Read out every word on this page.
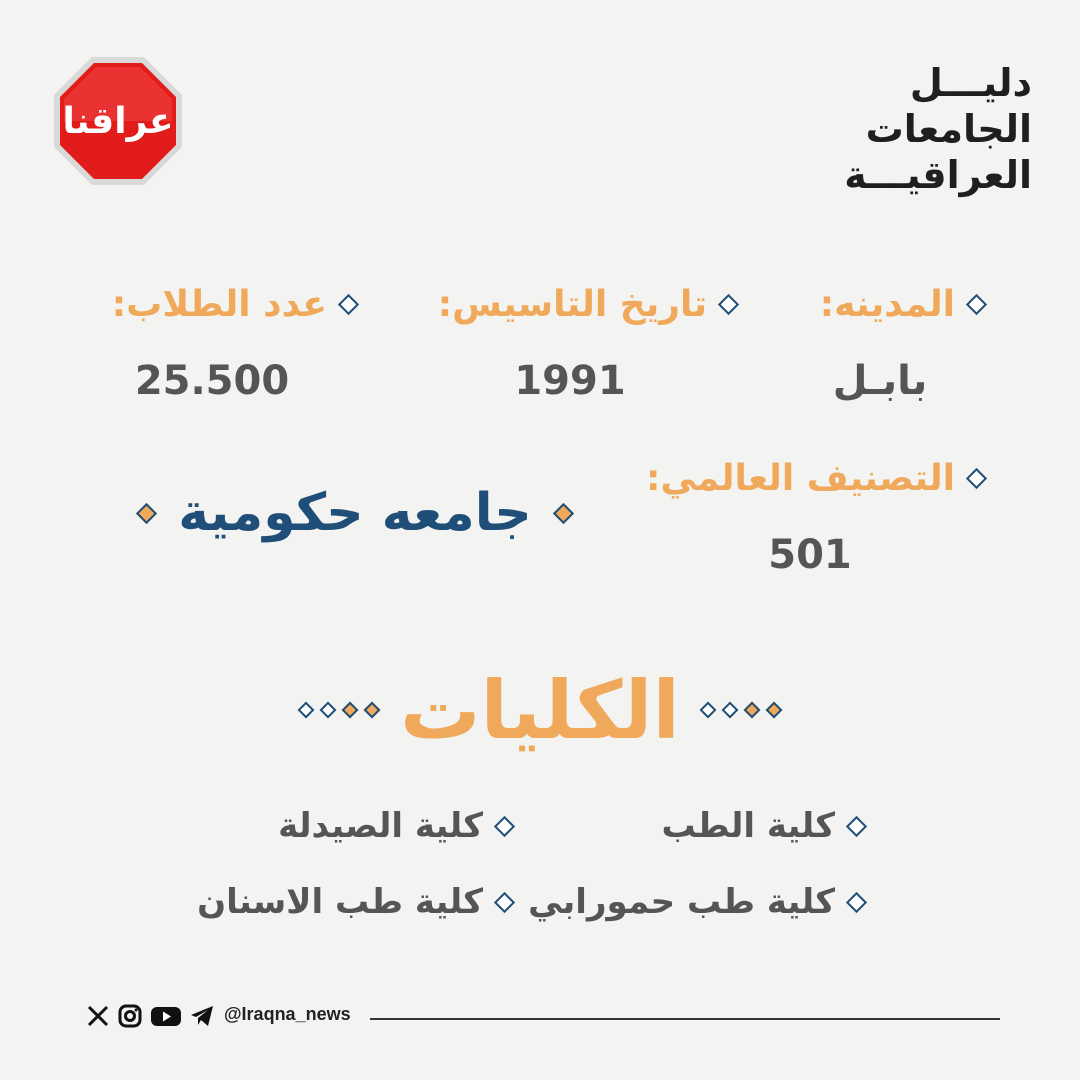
عراقنا
دليـــل
الجامعات
العراقيـــة
المدينه:
بابـل
تاريخ التاسيس:
1991
عدد الطلاب:
25.500
التصنيف العالمي:
501
جامعه حكومية
الكليات
كلية الطب
كلية الصيدلة
كلية طب حمورابي
كلية طب الاسنان
@Iraqna_news
